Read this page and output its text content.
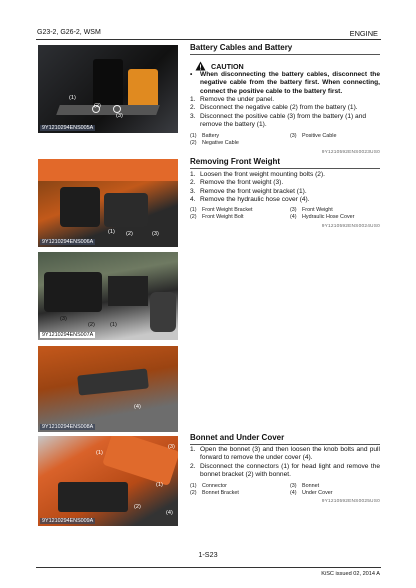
G23-2, G26-2, WSM	ENGINE
(1)
(2)
(3)
9Y1210294ENS005A
(1) (2)	(3)
9Y1210294ENS006A
(3)
(2)	(1)
9Y1210294ENS007A
(4)
9Y1210294ENS008A
(3)
(1)
(1)
(2)
(4)
9Y1210294ENS009A
Battery Cables and Battery
CAUTION
•	When disconnecting the battery cables, disconnect the negative cable from the battery first. When connecting, connect the positive cable to the battery first.
1. Remove the under panel.
2. Disconnect the negative cable (2) from the battery (1).
3. Disconnect the positive cable (3) from the battery (1) and remove the battery (1).
(1)	Battery	(3)	Positive Cable
(2)	Negative Cable
9Y1210592ENS0023US0
Removing Front Weight
1. Loosen the front weight mounting bolts (2).
2. Remove the front weight (3).
3. Remove the front weight bracket (1).
4. Remove the hydraulic hose cover (4).
(1)	Front Weight Bracket	(3)	Front Weight
(2)	Front Weight Bolt	(4)	Hydraulic Hose Cover
9Y1210592ENS0024US0
Bonnet and Under Cover
1. Open the bonnet (3) and then loosen the knob bolts and pull forward to remove the under cover (4).
2. Disconnect the connectors (1) for head light and remove the bonnet bracket (2) with bonnet.
(1)	Connector	(3)	Bonnet
(2)	Bonnet Bracket	(4)	Under Cover
9Y1210592ENS0025US0
1-S23
KiSC issued 02, 2014 A
